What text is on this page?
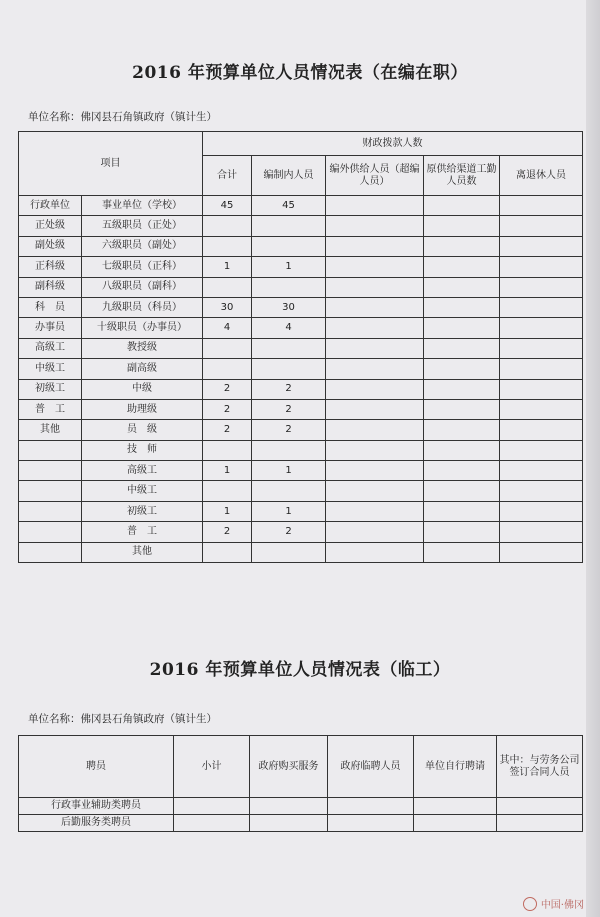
2016 年预算单位人员情况表（在编在职）
单位名称：佛冈县石角镇政府（镇计生）
项目		财政拨款人数				
		合计	编制内人员	编外供给人员（超编人员）	原供给渠道工勤人员数	离退休人员
行政单位	事业单位（学校）	45	45			
正处级	五级职员（正处）					
副处级	六级职员（副处）					
正科级	七级职员（正科）	1	1			
副科级	八级职员（副科）					
科　员	九级职员（科员）	30	30			
办事员	十级职员（办事员）	4	4			
高级工	教授级					
中级工	副高级					
初级工	中级	2	2			
普　工	助理级	2	2			
其他	员　级	2	2			
	技　师					
	高级工	1	1			
	中级工					
	初级工	1	1			
	普　工	2	2			
	其他					
2016 年预算单位人员情况表（临工）
单位名称：佛冈县石角镇政府（镇计生）
聘员	小计	政府购买服务	政府临聘人员	单位自行聘请	其中：与劳务公司签订合同人员
行政事业辅助类聘员					
后勤服务类聘员					
中国·佛冈
